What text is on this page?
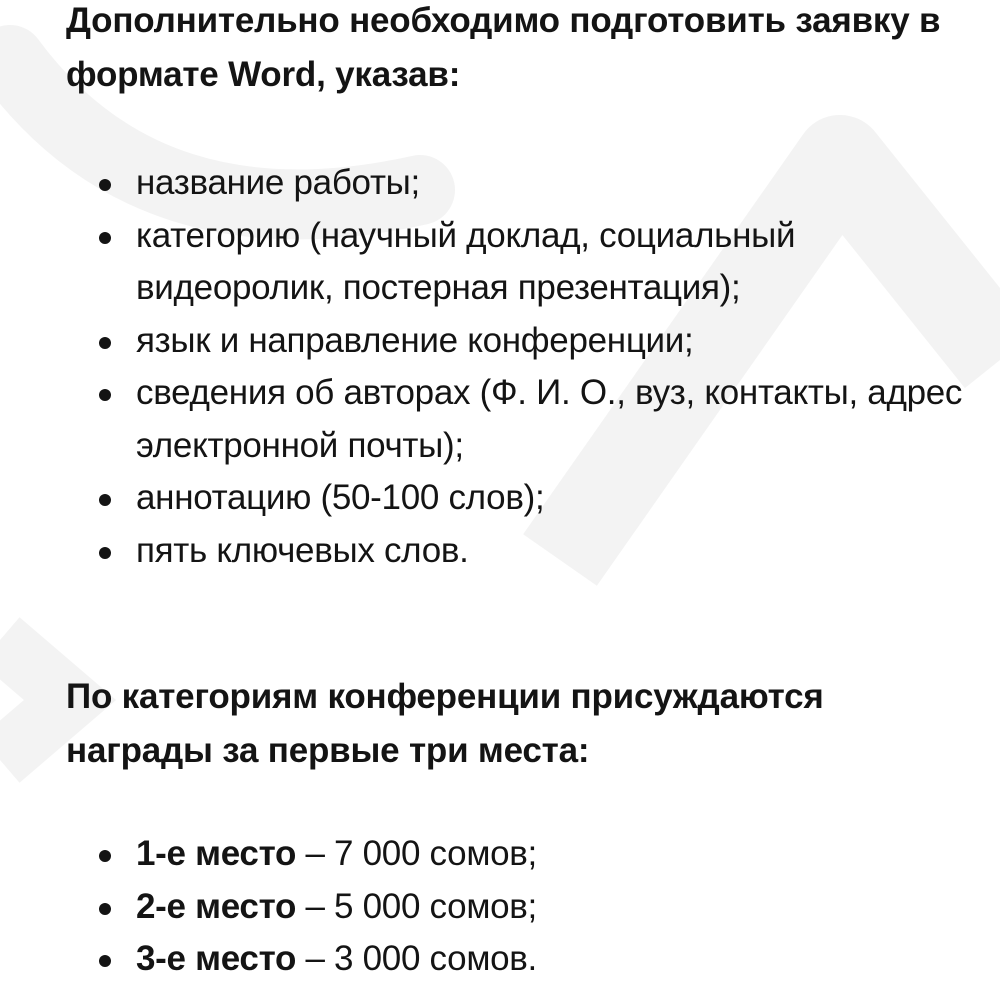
Дополнительно необходимо подготовить заявку в формате Word, указав:

название работы;
категорию (научный доклад, социальный видеоролик, постерная презентация);
язык и направление конференции;
сведения об авторах (Ф. И. О., вуз, контакты, адрес электронной почты);
аннотацию (50-100 слов);
пять ключевых слов.

По категориям конференции присуждаются награды за первые три места:

1-е место – 7 000 сомов;
2-е место – 5 000 сомов;
3-е место – 3 000 сомов.
